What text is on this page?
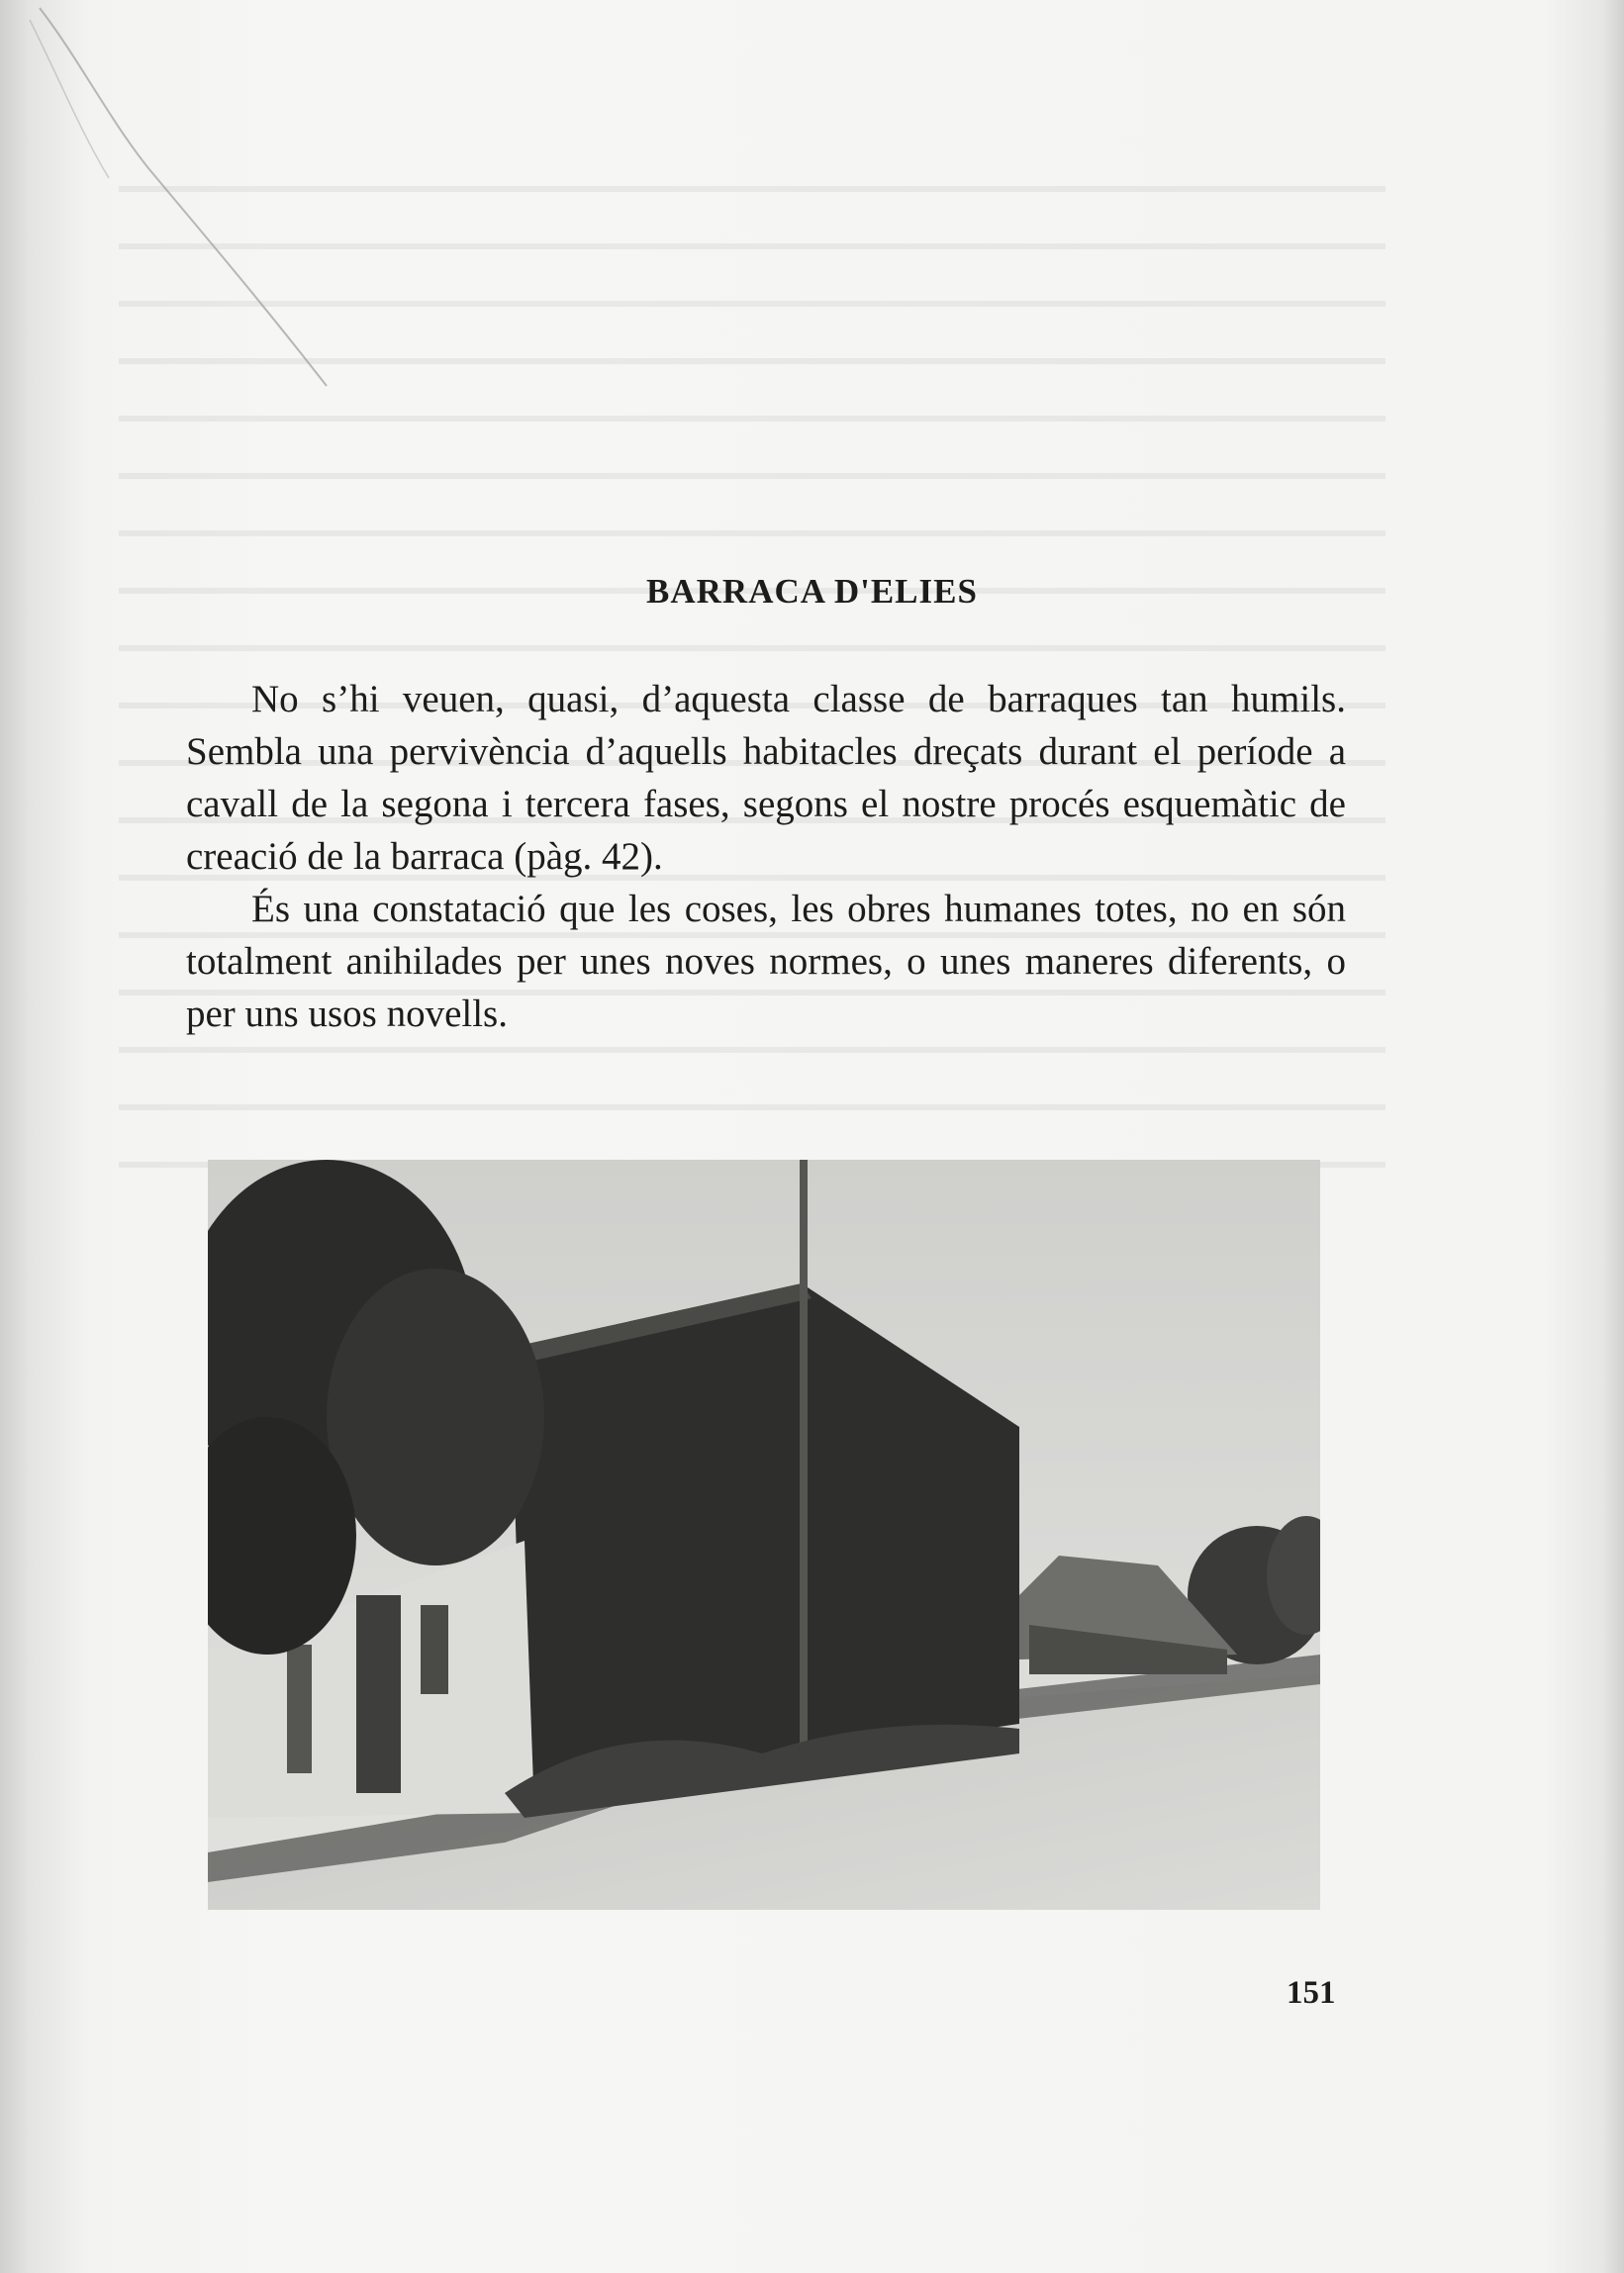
BARRACA D'ELIES

No s’hi veuen, quasi, d’aquesta classe de barraques tan humils. Sembla una pervivència d’aquells habitacles dreçats durant el període a cavall de la segona i tercera fases, segons el nostre procés esquemàtic de creació de la barraca (pàg. 42).

És una constatació que les coses, les obres humanes totes, no en són totalment anihilades per unes noves normes, o unes maneres diferents, o per uns usos novells.

151
